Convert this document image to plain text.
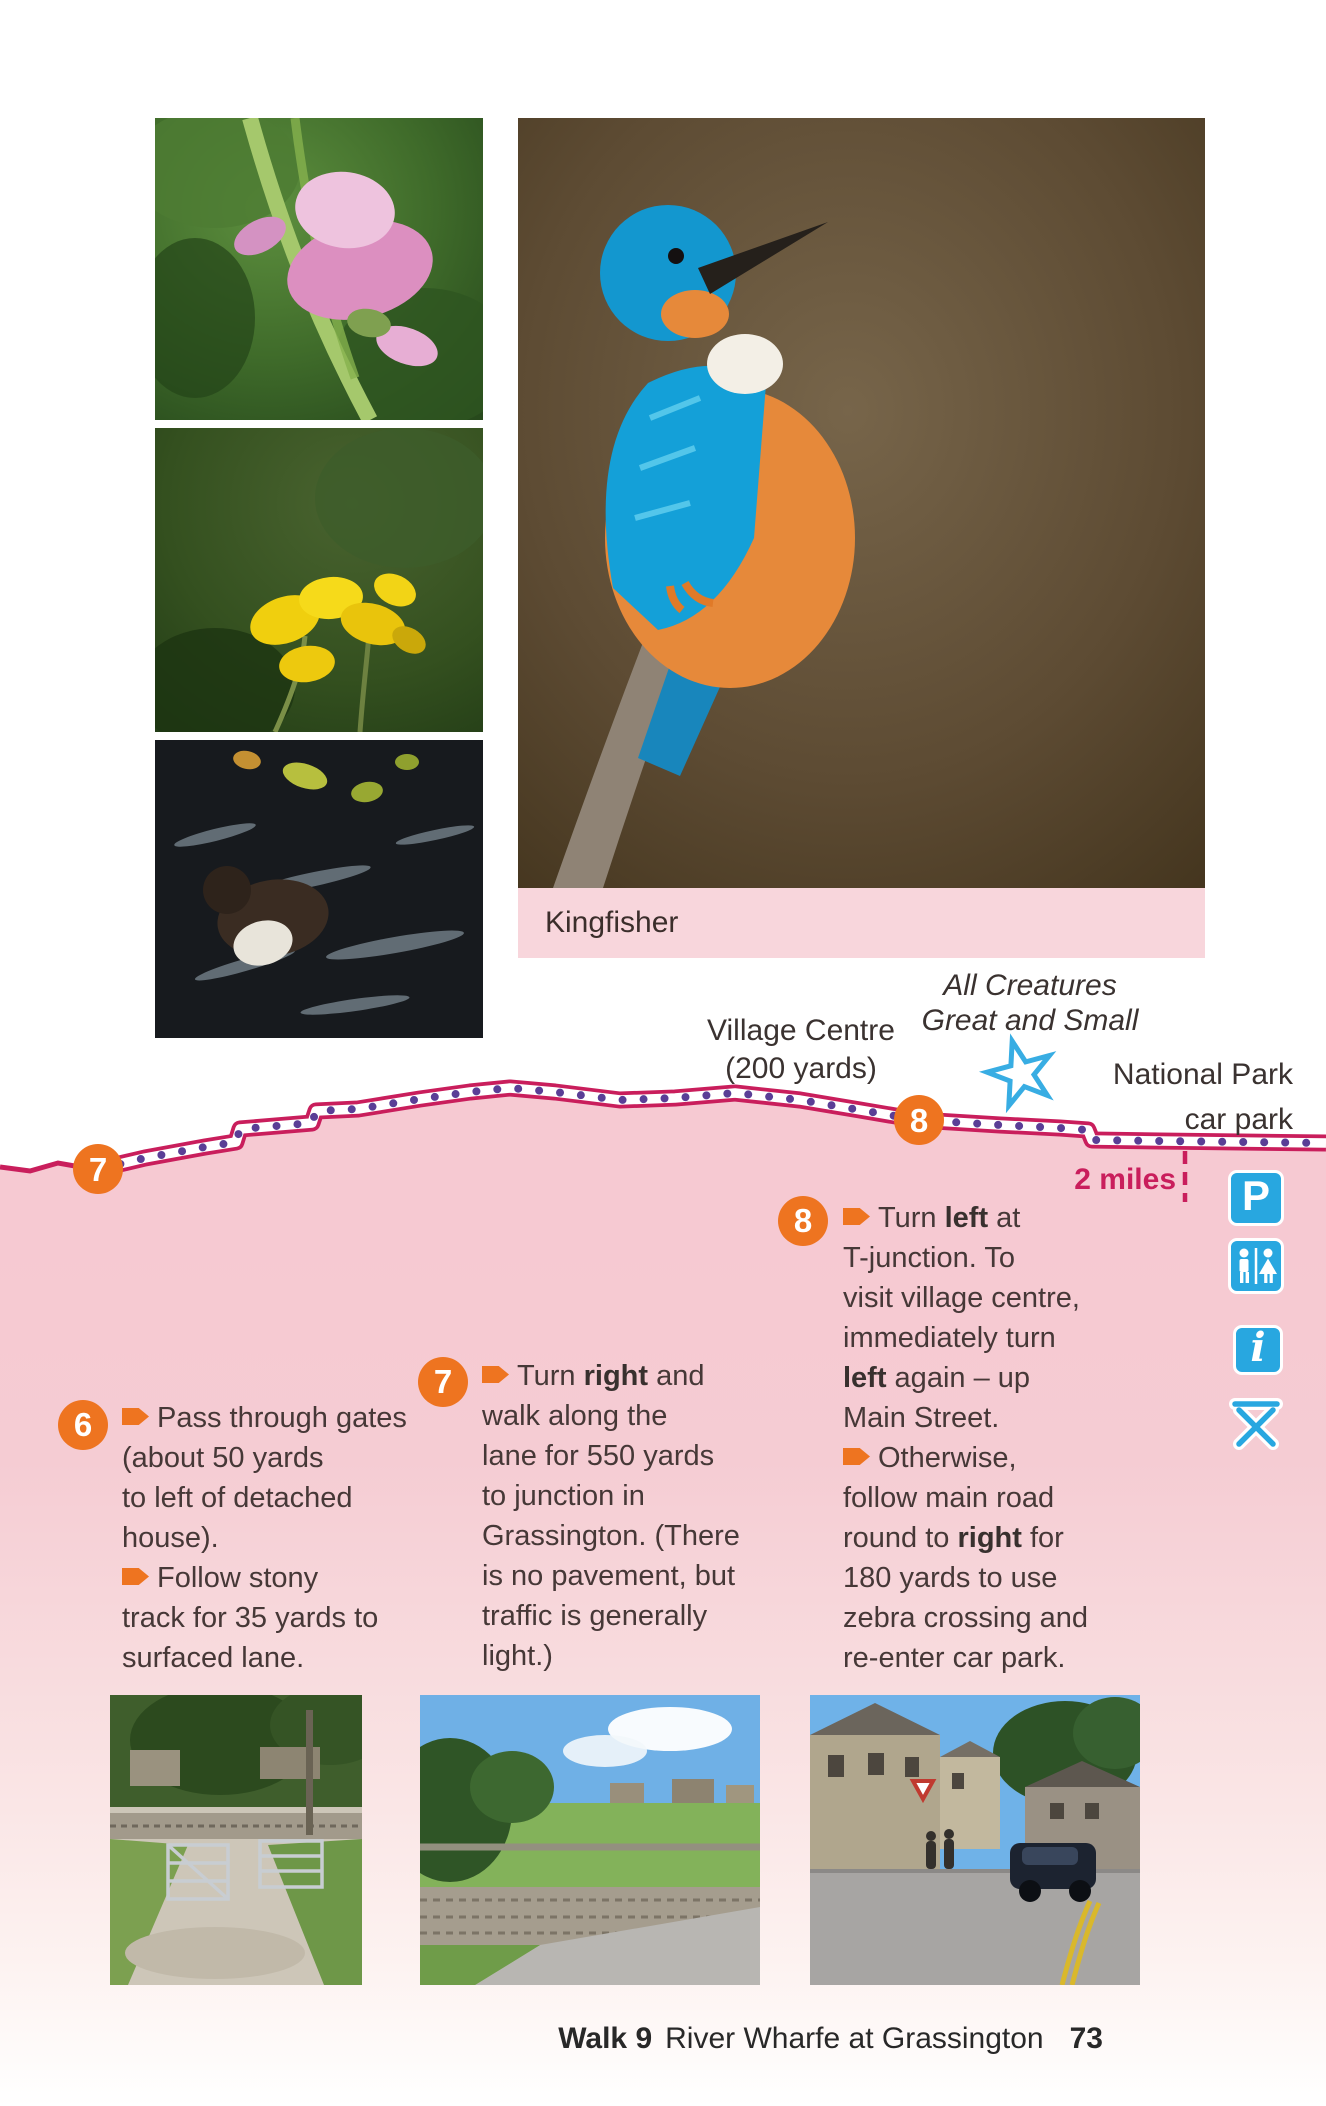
Kingfisher
7
8
Village Centre
(200 yards)
All Creatures
Great and Small
National Park
car park
2 miles P
i
6	Pass through gates
(about 50 yards
to left of detached
house).
Follow stony
track for 35 yards to
surfaced lane.
7	Turn right and
walk along the
lane for 550 yards
to junction in
Grassington. (There
is no pavement, but
traffic is generally
light.)
8	Turn left at
T-junction. To
visit village centre,
immediately turn
left again – up
Main Street.
Otherwise,
follow main road
round to right for
180 yards to use
zebra crossing and
re-enter car park.
Walk 9 River Wharfe at Grassington 73
